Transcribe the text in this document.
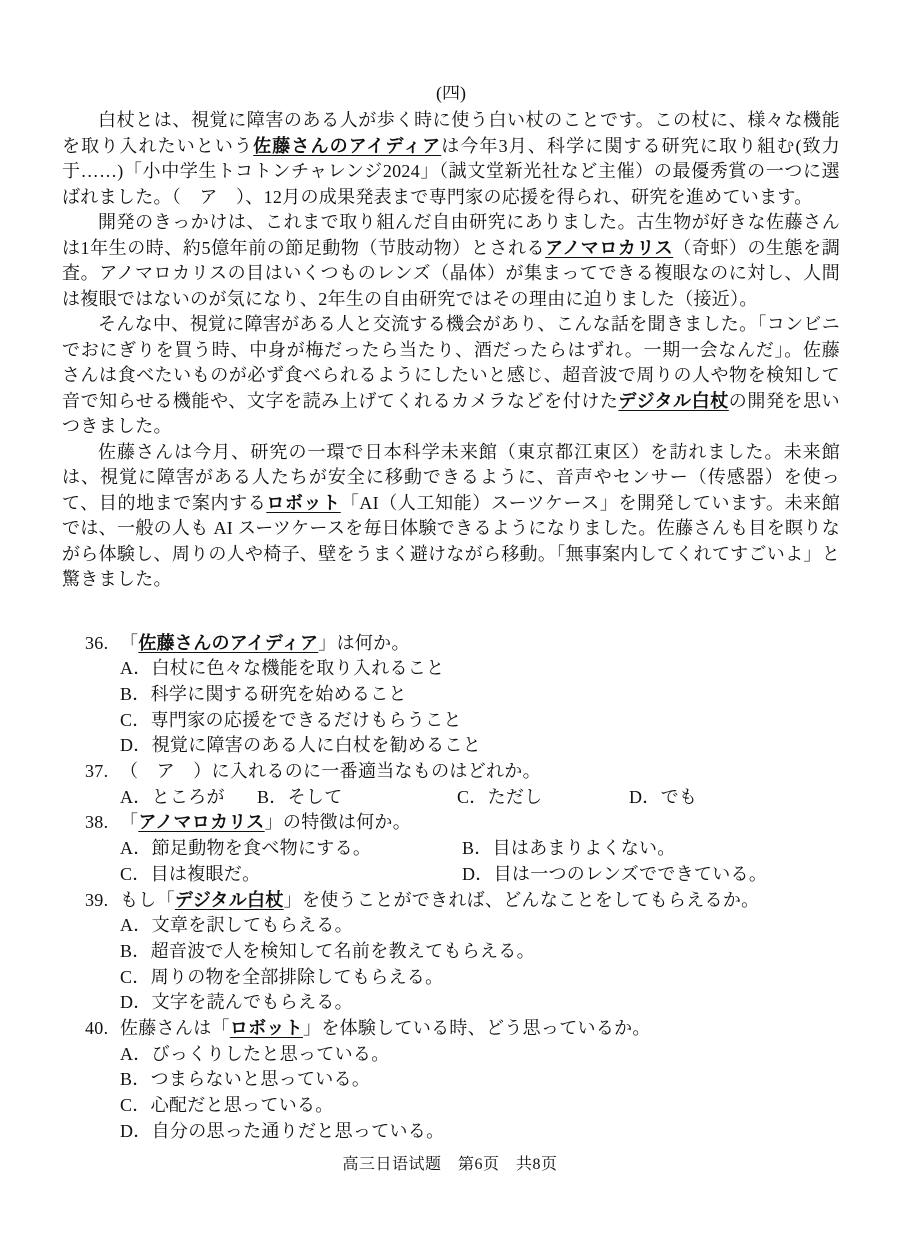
(四)

白杖とは、視覚に障害のある人が歩く時に使う白い杖のことです。この杖に、様々な機能を取り入れたいという佐藤さんのアイディアは今年3月、科学に関する研究に取り組む(致力于……)「小中学生トコトンチャレンジ2024」（誠文堂新光社など主催）の最優秀賞の一つに選ばれました。（　ア　）、12月の成果発表まで専門家の応援を得られ、研究を進めています。

開発のきっかけは、これまで取り組んだ自由研究にありました。古生物が好きな佐藤さんは1年生の時、約5億年前の節足動物（节肢动物）とされるアノマロカリス（奇虾）の生態を調査。アノマロカリスの目はいくつものレンズ（晶体）が集まってできる複眼なのに対し、人間は複眼ではないのが気になり、2年生の自由研究ではその理由に迫りました（接近）。

そんな中、視覚に障害がある人と交流する機会があり、こんな話を聞きました。「コンビニでおにぎりを買う時、中身が梅だったら当たり、酒だったらはずれ。一期一会なんだ」。佐藤さんは食べたいものが必ず食べられるようにしたいと感じ、超音波で周りの人や物を検知して音で知らせる機能や、文字を読み上げてくれるカメラなどを付けたデジタル白杖の開発を思いつきました。

佐藤さんは今月、研究の一環で日本科学未来館（東京都江東区）を訪れました。未来館は、視覚に障害がある人たちが安全に移動できるように、音声やセンサー（传感器）を使って、目的地まで案内するロボット「AI（人工知能）スーツケース」を開発しています。未来館では、一般の人も AI スーツケースを毎日体験できるようになりました。佐藤さんも目を瞑りながら体験し、周りの人や椅子、壁をうまく避けながら移動。「無事案内してくれてすごいよ」と驚きました。

36. 「佐藤さんのアイディア」は何か。
A．白杖に色々な機能を取り入れること
B．科学に関する研究を始めること
C．専門家の応援をできるだけもらうこと
D．視覚に障害のある人に白杖を勧めること
37. （　ア　）に入れるのに一番適当なものはどれか。
A．ところが	B．そして	C．ただし	D．でも
38. 「アノマロカリス」の特徴は何か。
A．節足動物を食べ物にする。	B．目はあまりよくない。
C．目は複眼だ。	D．目は一つのレンズでできている。
39. もし「デジタル白杖」を使うことができれば、どんなことをしてもらえるか。
A．文章を訳してもらえる。
B．超音波で人を検知して名前を教えてもらえる。
C．周りの物を全部排除してもらえる。
D．文字を読んでもらえる。
40. 佐藤さんは「ロボット」を体験している時、どう思っているか。
A．びっくりしたと思っている。
B．つまらないと思っている。
C．心配だと思っている。
D．自分の思った通りだと思っている。
高三日语试题　第6页　共8页
